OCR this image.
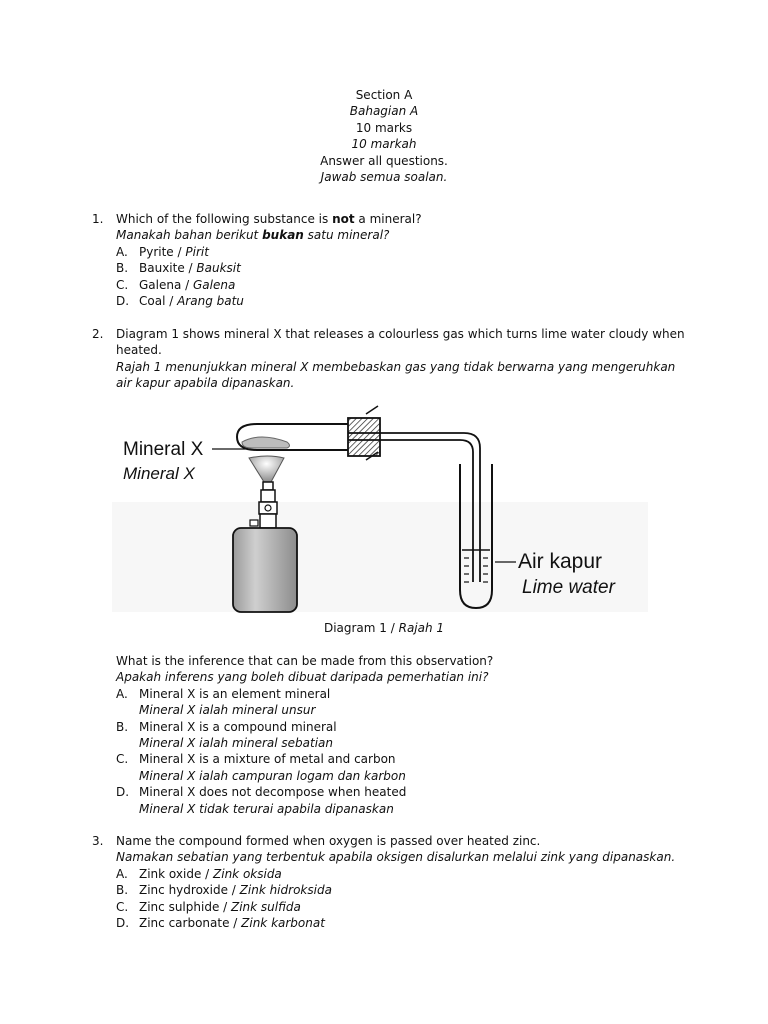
Section A
Bahagian A
10 marks
10 markah
Answer all questions.
Jawab semua soalan.
1. Which of the following substance is not a mineral?
Manakah bahan berikut bukan satu mineral?
A. Pyrite / Pirit
B. Bauxite / Bauksit
C. Galena / Galena
D. Coal / Arang batu
2. Diagram 1 shows mineral X that releases a colourless gas which turns lime water cloudy when heated.
Rajah 1 menunjukkan mineral X membebaskan gas yang tidak berwarna yang mengeruhkan air kapur apabila dipanaskan.
Mineral X
Mineral X
Air kapur
Lime water
Diagram 1 / Rajah 1
What is the inference that can be made from this observation?
Apakah inferens yang boleh dibuat daripada pemerhatian ini?
A. Mineral X is an element mineral
Mineral X ialah mineral unsur
B. Mineral X is a compound mineral
Mineral X ialah mineral sebatian
C. Mineral X is a mixture of metal and carbon
Mineral X ialah campuran logam dan karbon
D. Mineral X does not decompose when heated
Mineral X tidak terurai apabila dipanaskan
3. Name the compound formed when oxygen is passed over heated zinc.
Namakan sebatian yang terbentuk apabila oksigen disalurkan melalui zink yang dipanaskan.
A. Zink oxide / Zink oksida
B. Zinc hydroxide / Zink hidroksida
C. Zinc sulphide / Zink sulfida
D. Zinc carbonate / Zink karbonat
